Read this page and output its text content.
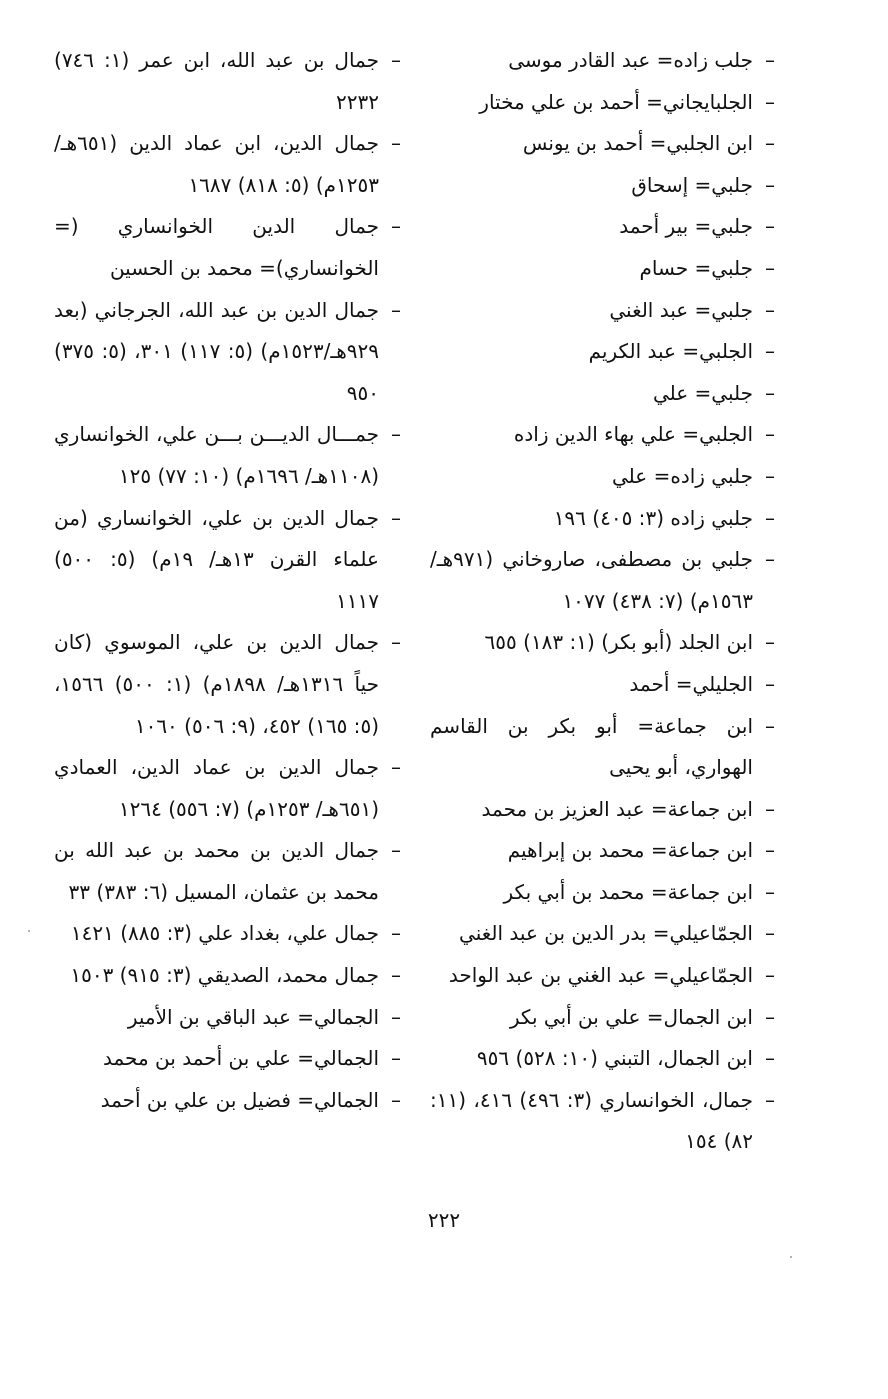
–
جلب زاده= عبد القادر موسى

–
الجلبايجاني= أحمد بن علي مختار

–
ابن الجلبي= أحمد بن يونس

–
جلبي= إسحاق

–
جلبي= بير أحمد

–
جلبي= حسام

–
جلبي= عبد الغني

–
الجلبي= عبد الكريم

–
جلبي= علي

–
الجلبي= علي بهاء الدين زاده

–
جلبي زاده= علي

–
جلبي زاده (٣: ٤٠٥) ١٩٦

–
جلبي بن مصطفى، صاروخاني (٩٧١هـ/ ١٥٦٣م) (٧: ٤٣٨) ١٠٧٧

–
ابن الجلد (أبو بكر) (١: ١٨٣) ٦٥٥

–
الجليلي= أحمد

–
ابن جماعة= أبو بكر بن القاسم الهواري، أبو يحيى

–
ابن جماعة= عبد العزيز بن محمد

–
ابن جماعة= محمد بن إبراهيم

–
ابن جماعة= محمد بن أبي بكر

–
الجمّاعيلي= بدر الدين بن عبد الغني

–
الجمّاعيلي= عبد الغني بن عبد الواحد

–
ابن الجمال= علي بن أبي بكر

–
ابن الجمال، التبني (١٠: ٥٢٨) ٩٥٦

–
جمال، الخوانساري (٣: ٤٩٦) ٤١٦، (١١: ٨٢) ١٥٤

–
جمال بن عبد الله، ابن عمر (١: ٧٤٦) ٢٢٣٢

–
جمال الدين، ابن عماد الدين (٦٥١هـ/ ١٢٥٣م) (٥: ٨١٨) ١٦٨٧

–
جمال الدين الخوانساري (= الخوانساري)= محمد بن الحسين

–
جمال الدين بن عبد الله، الجرجاني (بعد ٩٢٩هـ/١٥٢٣م) (٥: ١١٧) ٣٠١، (٥: ٣٧٥) ٩٥٠

–
جمـــال الديـــن بـــن علي، الخوانساري (١١٠٨هـ/ ١٦٩٦م) (١٠: ٧٧) ١٢٥

–
جمال الدين بن علي، الخوانساري (من علماء القرن ١٣هـ/ ١٩م) (٥: ٥٠٠) ١١١٧

–
جمال الدين بن علي، الموسوي (كان حياً ١٣١٦هـ/ ١٨٩٨م) (١: ٥٠٠) ١٥٦٦، (٥: ١٦٥) ٤٥٢، (٩: ٥٠٦) ١٠٦٠

–
جمال الدين بن عماد الدين، العمادي (٦٥١هـ/ ١٢٥٣م) (٧: ٥٥٦) ١٢٦٤

–
جمال الدين بن محمد بن عبد الله بن محمد بن عثمان، المسيل (٦: ٣٨٣) ٣٣

–
جمال علي، بغداد علي (٣: ٨٨٥) ١٤٢١

–
جمال محمد، الصديقي (٣: ٩١٥) ١٥٠٣

–
الجمالي= عبد الباقي بن الأمير

–
الجمالي= علي بن أحمد بن محمد

–
الجمالي= فضيل بن علي بن أحمد

٢٢٢
